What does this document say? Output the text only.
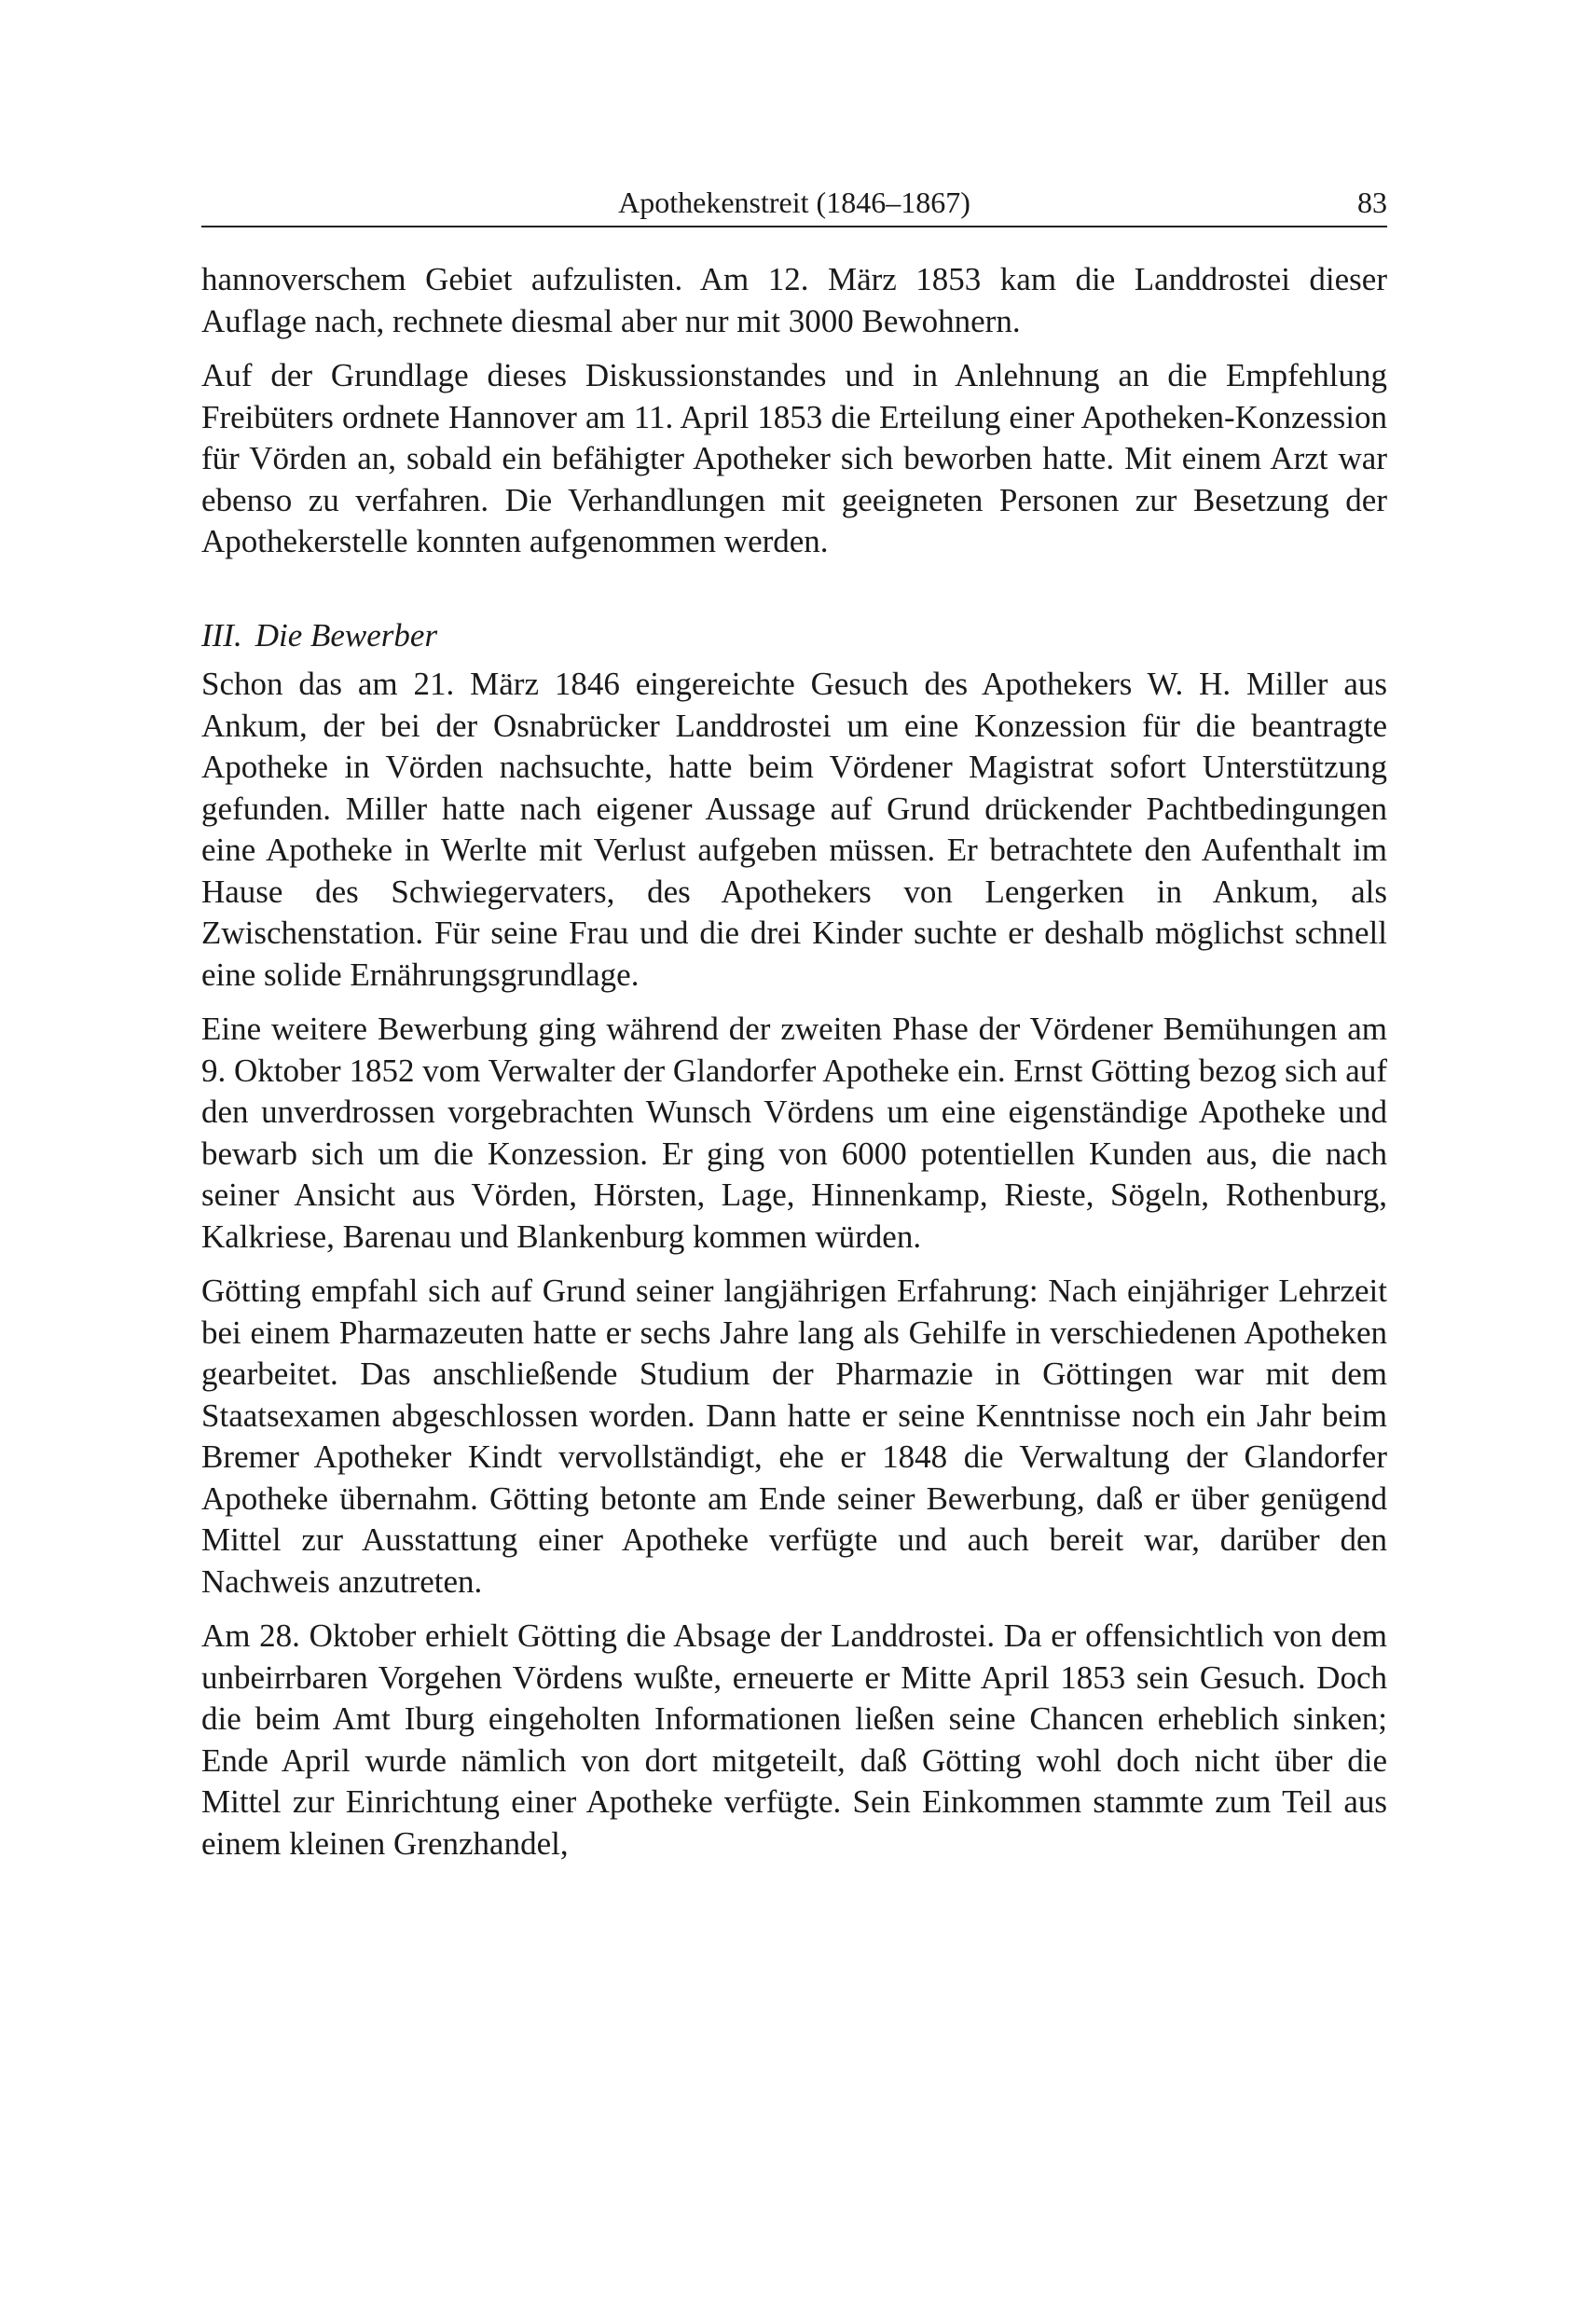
Apothekenstreit (1846–1867)	83

hannoverschem Gebiet aufzulisten. Am 12. März 1853 kam die Landdrostei dieser Auflage nach, rechnete diesmal aber nur mit 3000 Bewohnern.

Auf der Grundlage dieses Diskussionstandes und in Anlehnung an die Empfehlung Freibüters ordnete Hannover am 11. April 1853 die Erteilung einer Apotheken-Konzession für Vörden an, sobald ein befähigter Apotheker sich beworben hatte. Mit einem Arzt war ebenso zu verfahren. Die Verhandlungen mit geeigneten Personen zur Besetzung der Apothekerstelle konnten aufgenommen werden.

III. Die Bewerber

Schon das am 21. März 1846 eingereichte Gesuch des Apothekers W. H. Miller aus Ankum, der bei der Osnabrücker Landdrostei um eine Konzession für die beantragte Apotheke in Vörden nachsuchte, hatte beim Vördener Magistrat sofort Unterstützung gefunden. Miller hatte nach eigener Aussage auf Grund drückender Pachtbedingungen eine Apotheke in Werlte mit Verlust aufgeben müssen. Er betrachtete den Aufenthalt im Hause des Schwiegervaters, des Apothekers von Lengerken in Ankum, als Zwischenstation. Für seine Frau und die drei Kinder suchte er deshalb möglichst schnell eine solide Ernährungsgrundlage.

Eine weitere Bewerbung ging während der zweiten Phase der Vördener Bemühungen am 9. Oktober 1852 vom Verwalter der Glandorfer Apotheke ein. Ernst Götting bezog sich auf den unverdrossen vorgebrachten Wunsch Vördens um eine eigenständige Apotheke und bewarb sich um die Konzession. Er ging von 6000 potentiellen Kunden aus, die nach seiner Ansicht aus Vörden, Hörsten, Lage, Hinnenkamp, Rieste, Sögeln, Rothenburg, Kalkriese, Barenau und Blankenburg kommen würden.

Götting empfahl sich auf Grund seiner langjährigen Erfahrung: Nach einjähriger Lehrzeit bei einem Pharmazeuten hatte er sechs Jahre lang als Gehilfe in verschiedenen Apotheken gearbeitet. Das anschließende Studium der Pharmazie in Göttingen war mit dem Staatsexamen abgeschlossen worden. Dann hatte er seine Kenntnisse noch ein Jahr beim Bremer Apotheker Kindt vervollständigt, ehe er 1848 die Verwaltung der Glandorfer Apotheke übernahm. Götting betonte am Ende seiner Bewerbung, daß er über genügend Mittel zur Ausstattung einer Apotheke verfügte und auch bereit war, darüber den Nachweis anzutreten.

Am 28. Oktober erhielt Götting die Absage der Landdrostei. Da er offensichtlich von dem unbeirrbaren Vorgehen Vördens wußte, erneuerte er Mitte April 1853 sein Gesuch. Doch die beim Amt Iburg eingeholten Informationen ließen seine Chancen erheblich sinken; Ende April wurde nämlich von dort mitgeteilt, daß Götting wohl doch nicht über die Mittel zur Einrichtung einer Apotheke verfügte. Sein Einkommen stammte zum Teil aus einem kleinen Grenzhandel,
